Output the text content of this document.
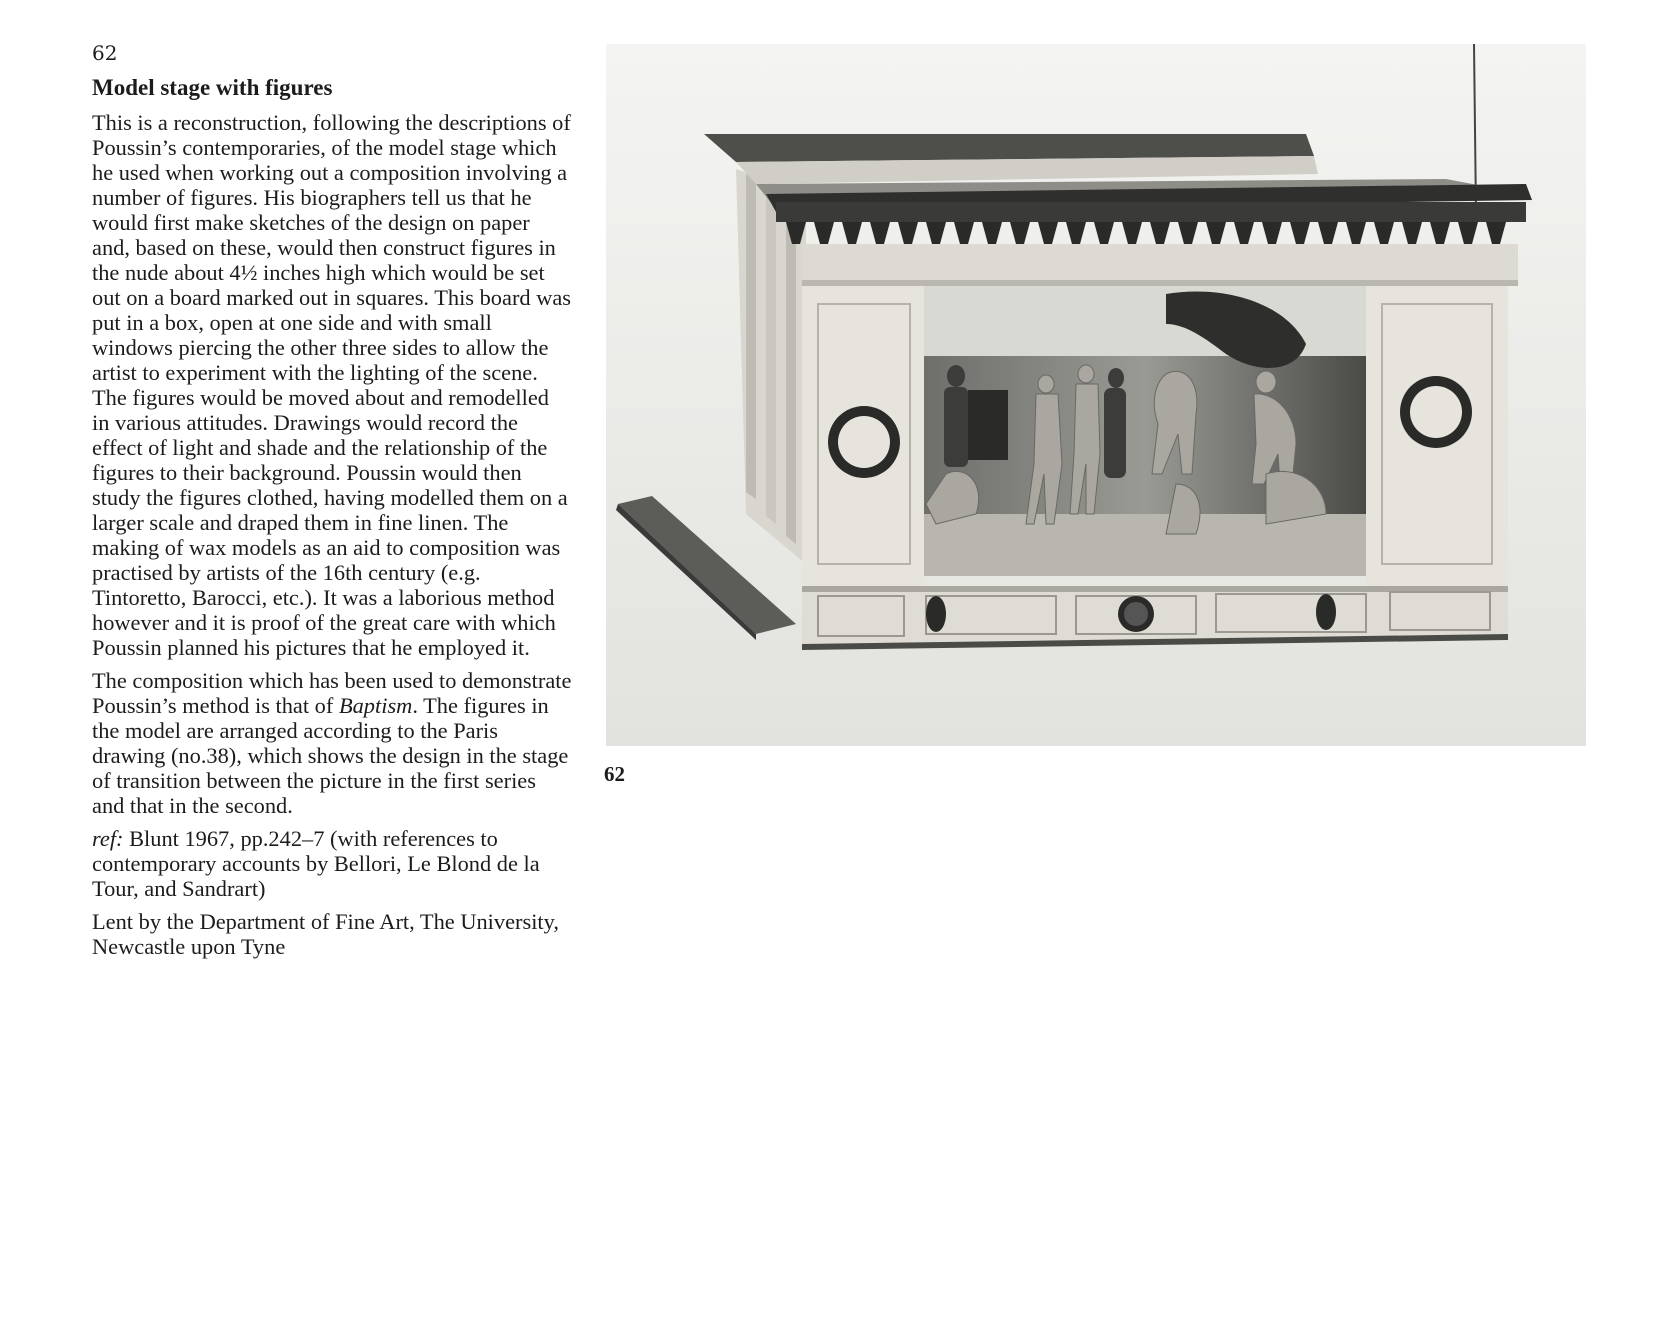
62

Model stage with figures

This is a reconstruction, following the descriptions of Poussin’s contemporaries, of the model stage which he used when working out a composition involving a number of figures. His biographers tell us that he would first make sketches of the design on paper and, based on these, would then construct figures in the nude about 4½ inches high which would be set out on a board marked out in squares. This board was put in a box, open at one side and with small windows piercing the other three sides to allow the artist to experiment with the lighting of the scene. The figures would be moved about and remodelled in various attitudes. Drawings would record the effect of light and shade and the relationship of the figures to their background. Poussin would then study the figures clothed, having modelled them on a larger scale and draped them in fine linen. The making of wax models as an aid to composition was practised by artists of the 16th century (e.g. Tintoretto, Barocci, etc.). It was a laborious method however and it is proof of the great care with which Poussin planned his pictures that he employed it.

The composition which has been used to demonstrate Poussin’s method is that of Baptism. The figures in the model are arranged according to the Paris drawing (no.38), which shows the design in the stage of transition between the picture in the first series and that in the second.

ref: Blunt 1967, pp.242–7 (with references to contemporary accounts by Bellori, Le Blond de la Tour, and Sandrart)

Lent by the Department of Fine Art, The University, Newcastle upon Tyne

62
